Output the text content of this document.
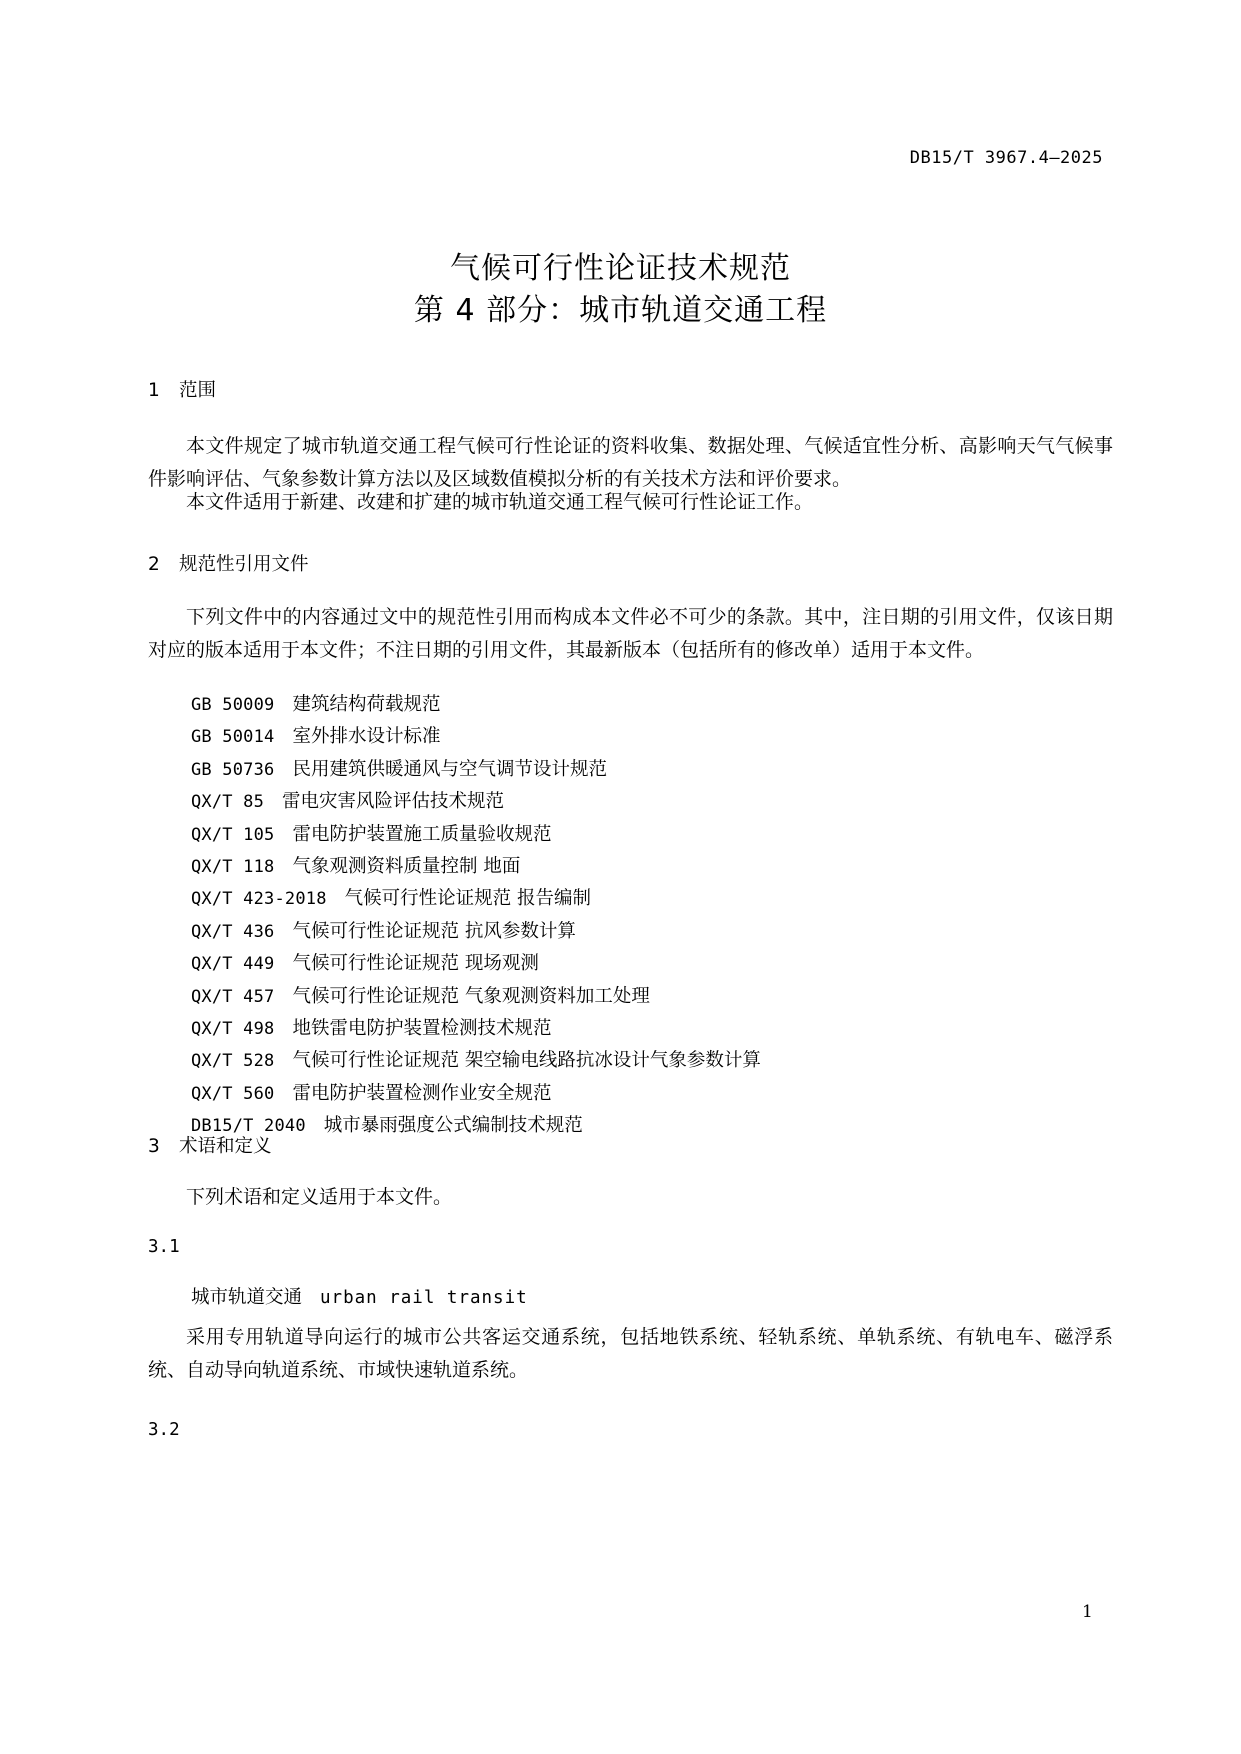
DB15/T 3967.4—2025
气候可行性论证技术规范
第 4 部分：城市轨道交通工程
1 范围
本文件规定了城市轨道交通工程气候可行性论证的资料收集、数据处理、气候适宜性分析、高影响天气气候事件影响评估、气象参数计算方法以及区域数值模拟分析的有关技术方法和评价要求。
本文件适用于新建、改建和扩建的城市轨道交通工程气候可行性论证工作。
2 规范性引用文件
下列文件中的内容通过文中的规范性引用而构成本文件必不可少的条款。其中，注日期的引用文件，仅该日期对应的版本适用于本文件；不注日期的引用文件，其最新版本（包括所有的修改单）适用于本文件。
GB 50009 建筑结构荷载规范
GB 50014 室外排水设计标准
GB 50736 民用建筑供暖通风与空气调节设计规范
QX/T 85 雷电灾害风险评估技术规范
QX/T 105 雷电防护装置施工质量验收规范
QX/T 118 气象观测资料质量控制 地面
QX/T 423-2018 气候可行性论证规范 报告编制
QX/T 436 气候可行性论证规范 抗风参数计算
QX/T 449 气候可行性论证规范 现场观测
QX/T 457 气候可行性论证规范 气象观测资料加工处理
QX/T 498 地铁雷电防护装置检测技术规范
QX/T 528 气候可行性论证规范 架空输电线路抗冰设计气象参数计算
QX/T 560 雷电防护装置检测作业安全规范
DB15/T 2040 城市暴雨强度公式编制技术规范
3 术语和定义
下列术语和定义适用于本文件。
3.1
城市轨道交通 urban rail transit
采用专用轨道导向运行的城市公共客运交通系统，包括地铁系统、轻轨系统、单轨系统、有轨电车、磁浮系统、自动导向轨道系统、市域快速轨道系统。
3.2
1
